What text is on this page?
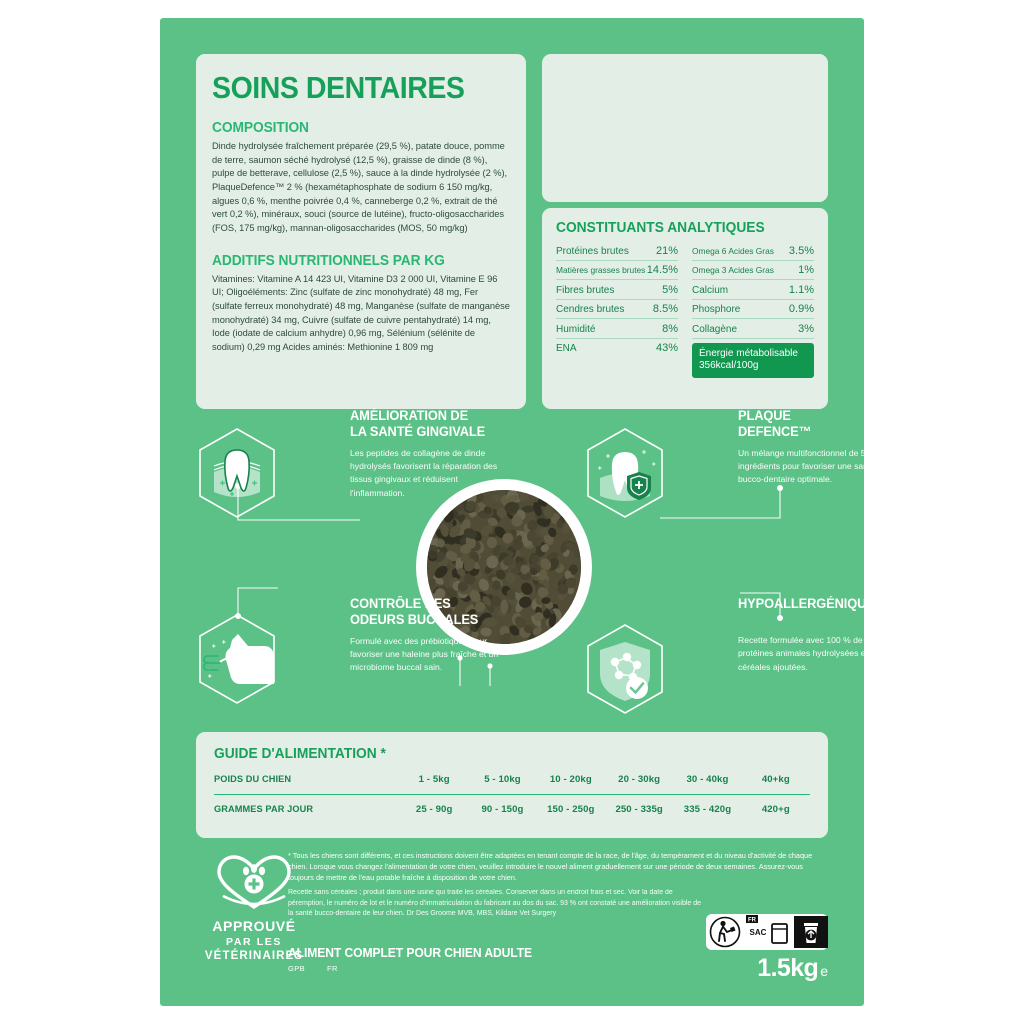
SOINS DENTAIRES
COMPOSITION
Dinde hydrolysée fraîchement préparée (29,5 %), patate douce, pomme de terre, saumon séché hydrolysé (12,5 %), graisse de dinde (8 %), pulpe de betterave, cellulose (2,5 %), sauce à la dinde hydrolysée (2 %), PlaqueDefence™ 2 % (hexamétaphosphate de sodium 6 150 mg/kg, algues 0,6 %, menthe poivrée 0,4 %, canneberge 0,2 %, extrait de thé vert 0,2 %), minéraux, souci (source de lutéine), fructo-oligosaccharides (FOS, 175 mg/kg), mannan-oligosaccharides (MOS, 50 mg/kg)
ADDITIFS NUTRITIONNELS PAR KG
Vitamines: Vitamine A 14 423 UI, Vitamine D3 2 000 UI, Vitamine E 96 UI; Oligoéléments: Zinc (sulfate de zinc monohydraté) 48 mg, Fer (sulfate ferreux monohydraté) 48 mg, Manganèse (sulfate de manganèse monohydraté) 34 mg, Cuivre (sulfate de cuivre pentahydraté) 14 mg, Iode (iodate de calcium anhydre) 0,96 mg, Sélénium (sélénite de sodium) 0,29 mg Acides aminés: Methionine 1 809 mg
CONSTITUANTS ANALYTIQUES
Protéines brutes 21%
Matières grasses brutes 14.5%
Fibres brutes	5%
Cendres brutes	8.5%
Humidité	8%
ENA	43%
Omega 6 Acides Gras 3.5%
Omega 3 Acides Gras 1%
Calcium	1.1%
Phosphore	0.9%
Collagène	3%
Énergie métabolisable
356kcal/100g
AMÉLIORATION DE
LA SANTÉ GINGIVALE
Les peptides de collagène de dinde hydrolysés favorisent la réparation des tissus gingivaux et réduisent l'inflammation.
PLAQUE
DEFENCE™
Un mélange multifonctionnel de 5 ingrédients pour favoriser une santé bucco-dentaire optimale.
CONTRÔLE DES
ODEURS BUCCALES
Formulé avec des prébiotiques pour favoriser une haleine plus fraîche et un microbiome buccal sain.
HYPOALLERGÉNIQUE
Recette formulée avec 100 % de protéines animales hydrolysées et sans céréales ajoutées.
GUIDE D'ALIMENTATION *
POIDS DU CHIEN	1 - 5kg	5 - 10kg	10 - 20kg	20 - 30kg	30 - 40kg	40+kg
GRAMMES PAR JOUR	25 - 90g	90 - 150g	150 - 250g	250 - 335g	335 - 420g	420+g
APPROUVÉ
PAR LES
VÉTÉRINAIRES
* Tous les chiens sont différents, et ces instructions doivent être adaptées en tenant compte de la race, de l'âge, du tempérament et du niveau d'activité de chaque chien. Lorsque vous changez l'alimentation de votre chien, veuillez introduire le nouvel aliment graduellement sur une période de deux semaines. Assurez-vous toujours de mettre de l'eau potable fraîche à disposition de votre chien.
Recette sans céréales ; produit dans une usine qui traite les céréales. Conserver dans un endroit frais et sec. Voir la date de péremption, le numéro de lot et le numéro d'immatriculation du fabricant au dos du sac. 93 % ont constaté une amélioration visible de la santé bucco-dentaire de leur chien. Dr Des Groome MVB, MBS, Kildare Vet Surgery
ALIMENT COMPLET POUR CHIEN ADULTE
GPB	FR
FR
SAC
1.5kg e
